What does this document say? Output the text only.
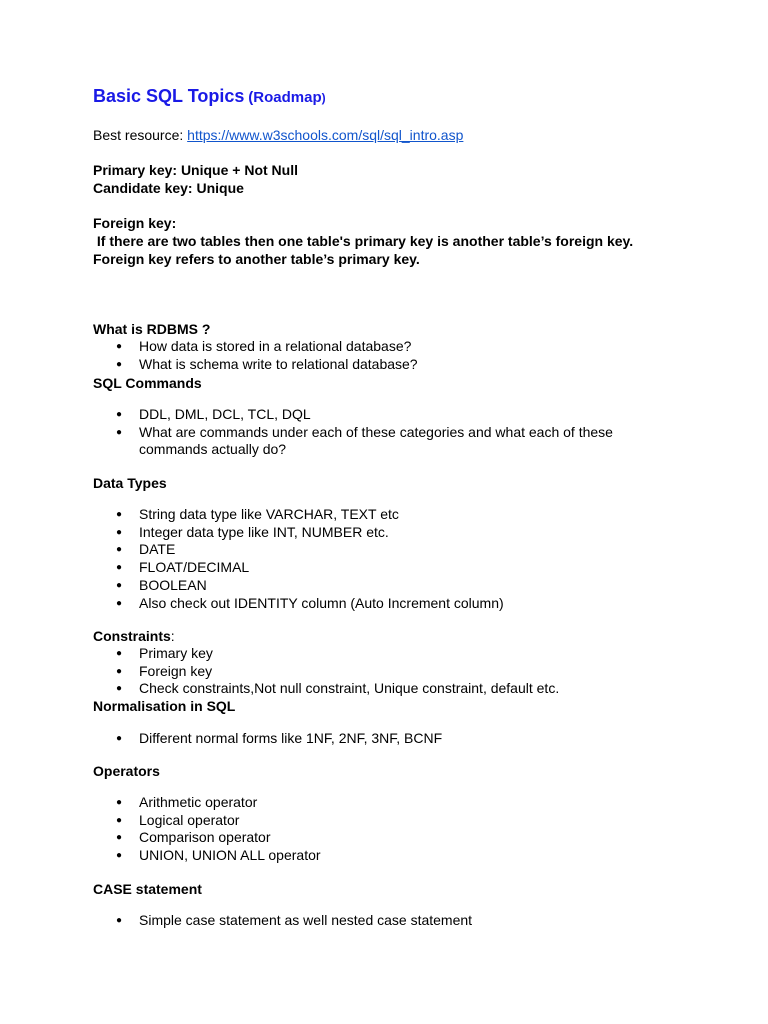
Basic SQL Topics (Roadmap)
Best resource: https://www.w3schools.com/sql/sql_intro.asp
Primary key: Unique + Not Null
Candidate key: Unique
Foreign key:
If there are two tables then one table's primary key is another table’s foreign key.
Foreign key refers to another table’s primary key.
What is RDBMS ?
● How data is stored in a relational database?
● What is schema write to relational database?
SQL Commands
● DDL, DML, DCL, TCL, DQL
● What are commands under each of these categories and what each of these commands actually do?
Data Types
● String data type like VARCHAR, TEXT etc
● Integer data type like INT, NUMBER etc.
● DATE
● FLOAT/DECIMAL
● BOOLEAN
● Also check out IDENTITY column (Auto Increment column)
Constraints:
● Primary key
● Foreign key
● Check constraints,Not null constraint, Unique constraint, default etc.
Normalisation in SQL
● Different normal forms like 1NF, 2NF, 3NF, BCNF
Operators
● Arithmetic operator
● Logical operator
● Comparison operator
● UNION, UNION ALL operator
CASE statement
● Simple case statement as well nested case statement
